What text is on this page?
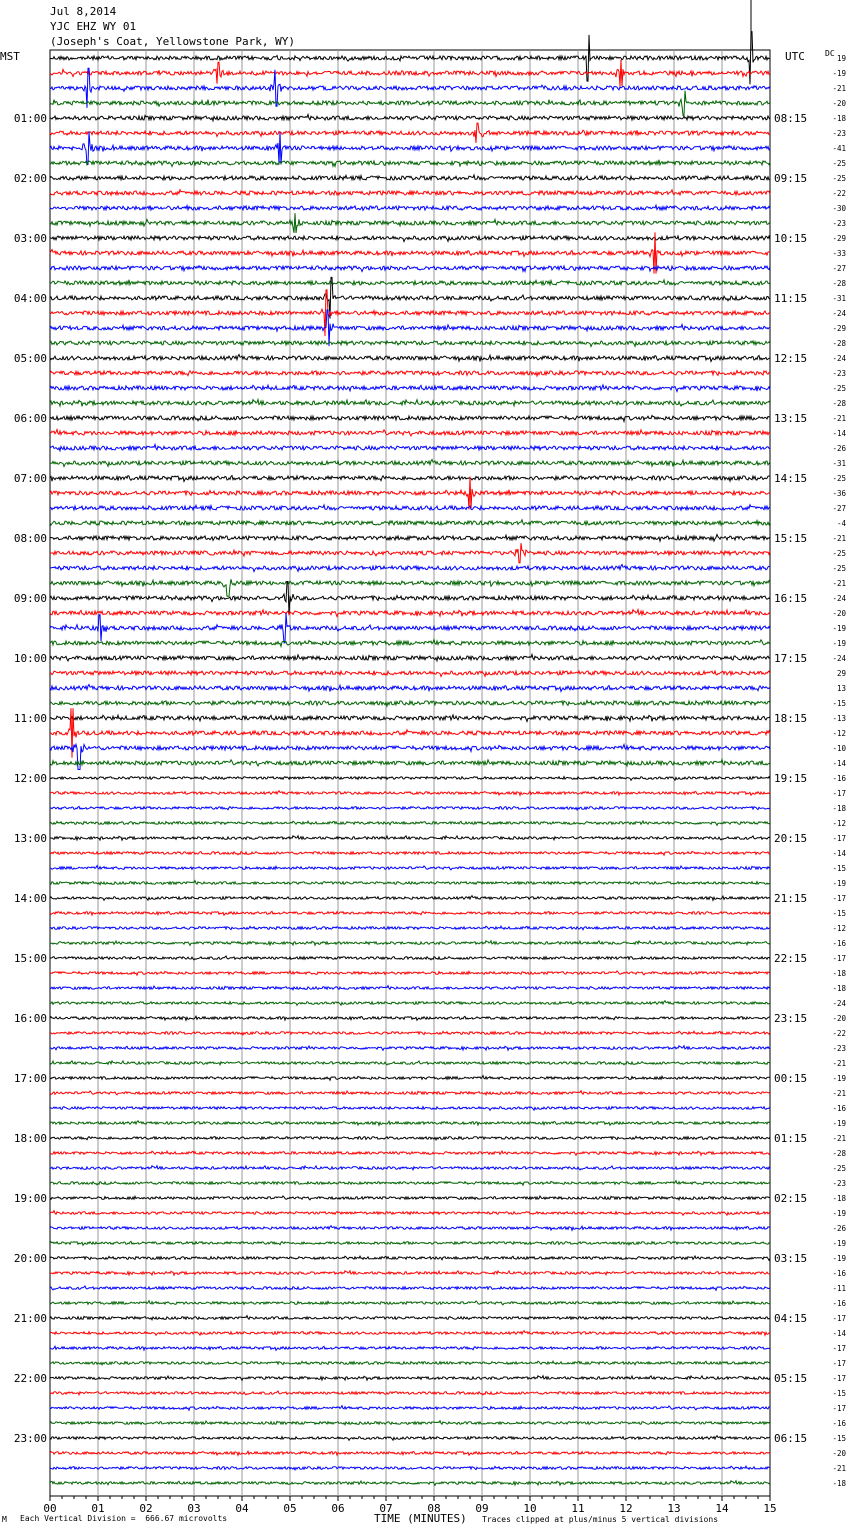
Jul 8,2014
YJC EHZ WY 01
(Joseph's Coat, Yellowstone Park, WY)
MST	UTC	DC
00	01	02	03	04	05	06	07	08	09	10	11	12	13	14	15
19
-19
-21
-20
-18
01:00	08:15
-23
-41
-25
-25
02:00	09:15
-22
-30
-23
-29
03:00	10:15
-33
-27
-28
-31
04:00	11:15
-24
-29
-28
-24
05:00	12:15
-23
-25
-28
-21
06:00	13:15
-14
-26
-31
-25
07:00	14:15
-36
-27
-4
-21
08:00	15:15
-25
-25
-21
-24
09:00	16:15
-20
-19
-19
-24
10:00	17:15
29
13
-15
-13
11:00	18:15
-12
-10
-14
-16
12:00	19:15
-17
-18
-12
-17
13:00	20:15
-14
-15
-19
-17
14:00	21:15
-15
-12
-16
-17
15:00	22:15
-18
-18
-24
-20
16:00	23:15
-22
-23
-21
-19
17:00	00:15
-21
-16
-19
-21
18:00	01:15
-28
-25
-23
-18
19:00	02:15
-19
-26
-19
-19
20:00	03:15
-16
-11
-16
-17
21:00	04:15
-14
-17
-17
-17
22:00	05:15
-15
-17
-16
-15
23:00	06:15
-20
-21
-18
M Each Vertical Division =  666.67 microvolts	TIME (MINUTES) Traces clipped at plus/minus 5 vertical divisions
